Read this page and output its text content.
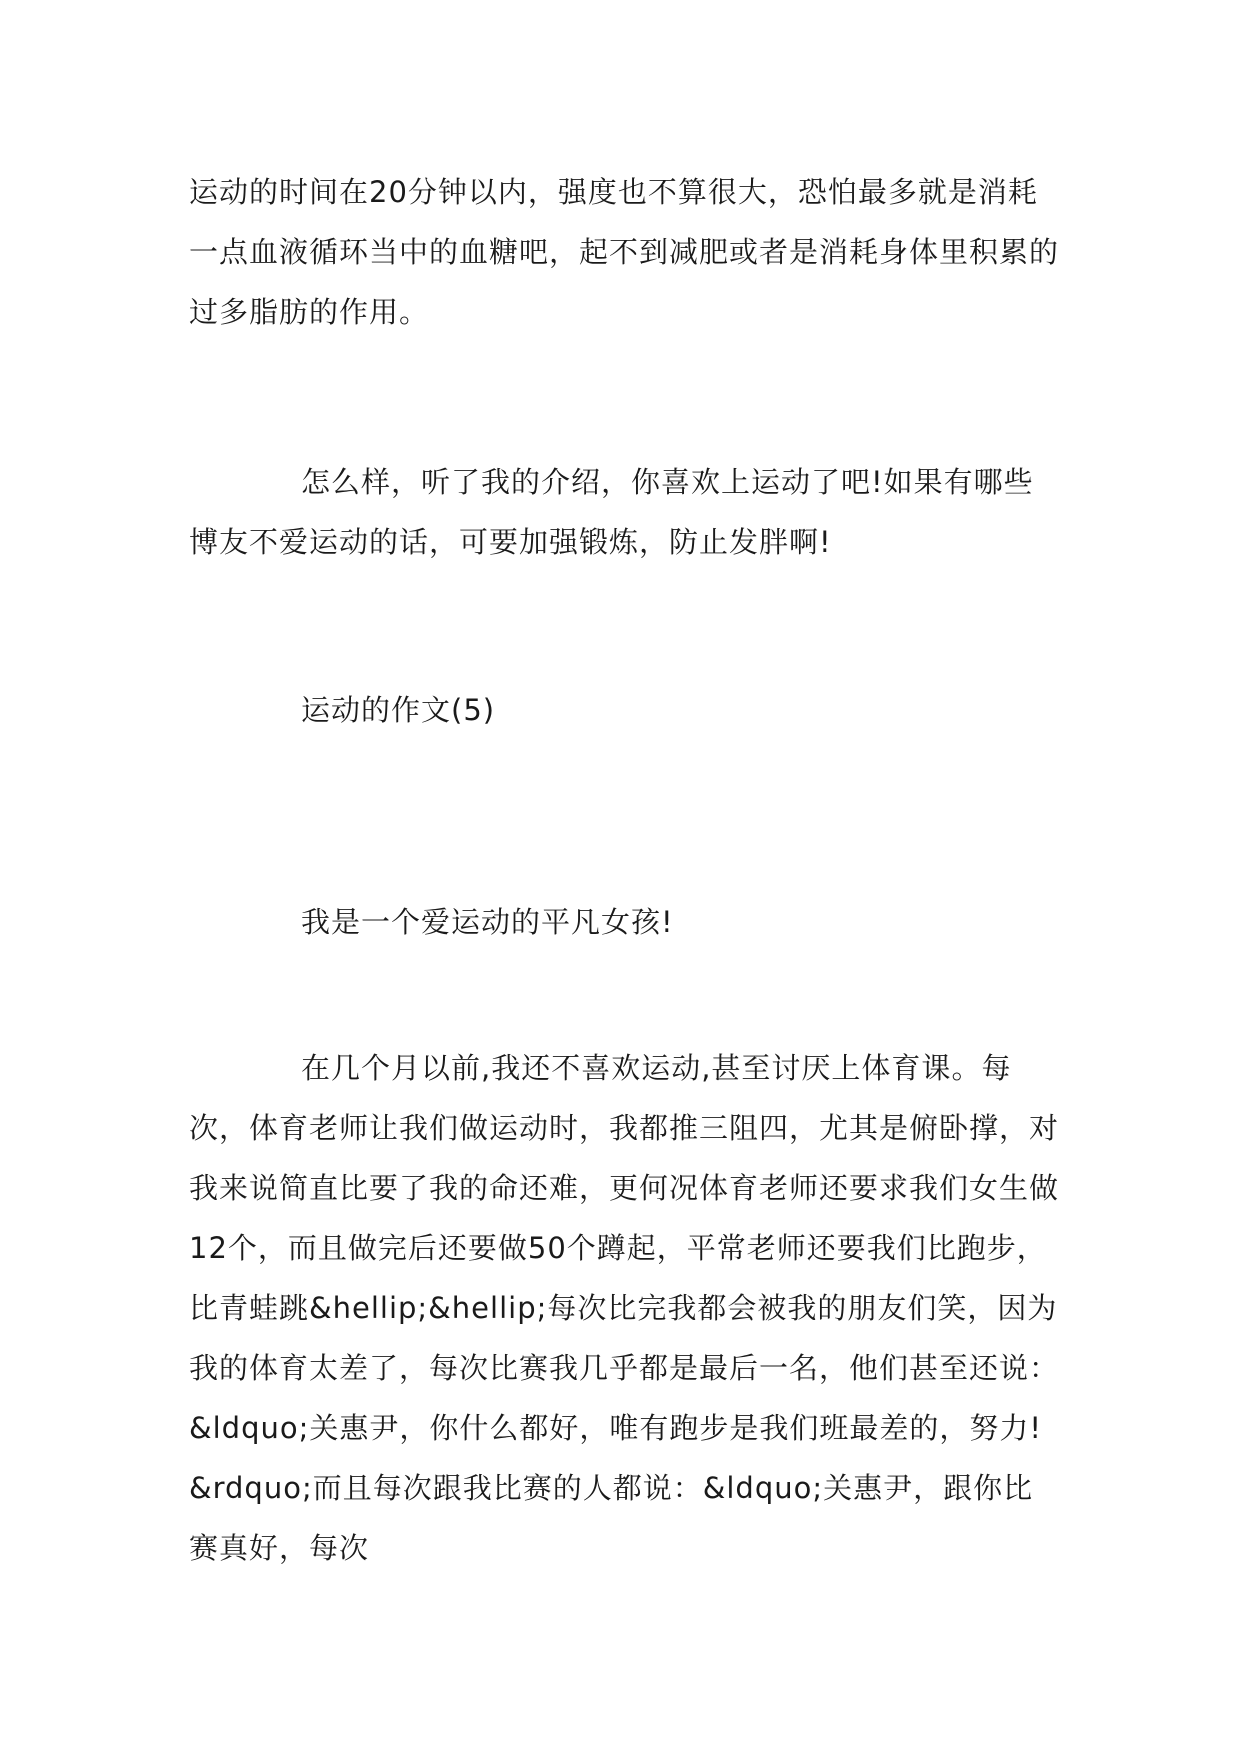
运动的时间在20分钟以内，强度也不算很大，恐怕最多就是消耗一点血液循环当中的血糖吧，起不到减肥或者是消耗身体里积累的过多脂肪的作用。

怎么样，听了我的介绍，你喜欢上运动了吧!如果有哪些博友不爱运动的话，可要加强锻炼，防止发胖啊!

运动的作文(5)

我是一个爱运动的平凡女孩!

在几个月以前,我还不喜欢运动,甚至讨厌上体育课。每次，体育老师让我们做运动时，我都推三阻四，尤其是俯卧撑，对我来说简直比要了我的命还难，更何况体育老师还要求我们女生做12个，而且做完后还要做50个蹲起，平常老师还要我们比跑步，比青蛙跳&hellip;&hellip;每次比完我都会被我的朋友们笑，因为我的体育太差了，每次比赛我几乎都是最后一名，他们甚至还说：&ldquo;关惠尹，你什么都好，唯有跑步是我们班最差的，努力!&rdquo;而且每次跟我比赛的人都说：&ldquo;关惠尹，跟你比赛真好，每次
